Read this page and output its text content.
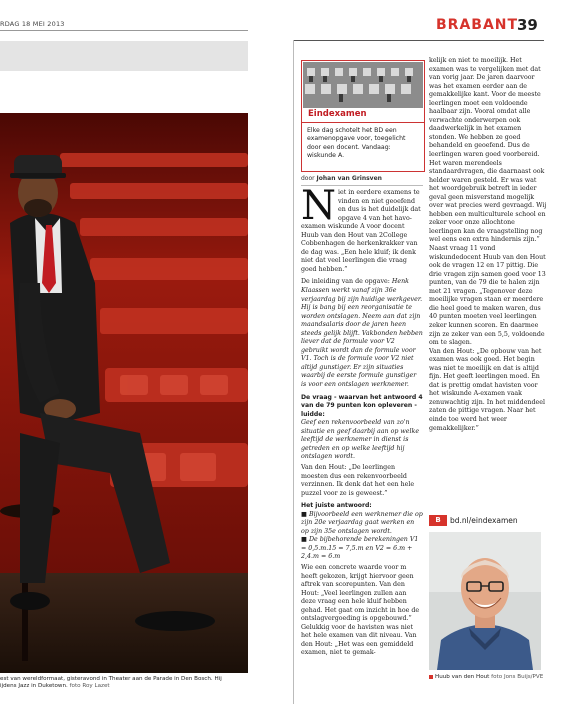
RDAG 18 MEI 2013	BRABANT
39
est van wereldformaat, gisteravond in Theater aan de Parade in Den Bosch. Hij
ijdens Jazz in Duketown. foto Roy Lazet
Eindexamen
Elke dag schotelt het BD een examenopgave voor, toegelicht door een docent. Vandaag: wiskunde A.
door Johan van Grinsven

Niet in eerdere examens te vinden en niet geoefend en dus is het duidelijk dat opgave 4 van het havo-examen wiskunde A voor docent Huub van den Hout van 2College Cobbenhagen de herkenkrakker van de dag was. „Een hele kluif; ik denk niet dat veel leerlingen die vraag goed hebben.”

De inleiding van de opgave: Henk Klaassen werkt vanaf zijn 36e verjaardag bij zijn huidige werkgever. Hij is bang bij een reorganisatie te worden ontslagen. Neem aan dat zijn maandsalaris door de jaren heen steeds gelijk blijft. Vakbonden hebben liever dat de formule voor V2 gebruikt wordt dan de formule voor V1. Toch is de formule voor V2 niet altijd gunstiger. Er zijn situaties waarbij de eerste formule gunstiger is voor een ontslagen werknemer.

De vraag - waarvan het antwoord 4 van de 79 punten kon opleveren - luidde:

Geef een rekenvoorbeeld van zo'n situatie en geef daarbij aan op welke leeftijd de werknemer in dienst is getreden en op welke leeftijd hij ontslagen wordt.

Van den Hout: „De leerlingen moesten dus een rekenvoorbeeld verzinnen. Ik denk dat het een hele puzzel voor ze is geweest.”

Het juiste antwoord:

■ Bijvoorbeeld een werknemer die op zijn 20e verjaardag gaat werken en op zijn 35e ontslagen wordt.

■ De bijbehorende berekeningen V1 = 0,5.m.15 = 7,5.m en V2 = 6.m + 2,4.m = 6.m

Wie een concrete waarde voor m heeft gekozen, krijgt hiervoor geen aftrek van scorepunten. Van den Hout: „Veel leerlingen zullen aan deze vraag een hele kluif hebben gehad. Het gaat om inzicht in hoe de ontslagvergoeding is opgebouwd.” Gelukkig voor de havisten was niet het hele examen van dit niveau. Van den Hout: „Het was een gemiddeld examen, niet te gemak-

kelijk en niet te moeilijk. Het examen was te vergelijken met dat van vorig jaar. De jaren daarvoor was het examen eerder aan de gemakkelijke kant. Voor de meeste leerlingen moet een voldoende haalbaar zijn. Vooral omdat alle verwachte onderwerpen ook daadwerkelijk in het examen stonden. We hebben ze goed behandeld en geoefend. Dus de leerlingen waren goed voorbereid. Het waren merendeels standaardvragen, die daarnaast ook helder waren gesteld. Er was wat het woordgebruik betreft in ieder geval geen misverstand mogelijk over wat precies werd gevraagd. Wij hebben een multiculturele school en zeker voor onze allochtone leerlingen kan de vraagstelling nog wel eens een extra hindernis zijn.”

Naast vraag 11 vond wiskundedocent Huub van den Hout ook de vragen 12 en 17 pittig. Die drie vragen zijn samen goed voor 13 punten, van de 79 die te halen zijn met 21 vragen. „Tegenover deze moeilijke vragen staan er meerdere die heel goed te maken waren, dus 40 punten moeten veel leerlingen zeker kunnen scoren. En daarmee zijn ze zeker van een 5,5, voldoende om te slagen.

Van den Hout: „De opbouw van het examen was ook goed. Het begin was niet te moeilijk en dat is altijd fijn. Het geeft leerlingen moed. En dat is prettig omdat havisten voor het wiskunde A-examen vaak zenuwachtig zijn. In het middendeel zaten de pittige vragen. Naar het einde toe werd het weer gemakkelijker.”

B	bd.nl/eindexamen
Huub van den Hout foto Jons Buijs/PVE
